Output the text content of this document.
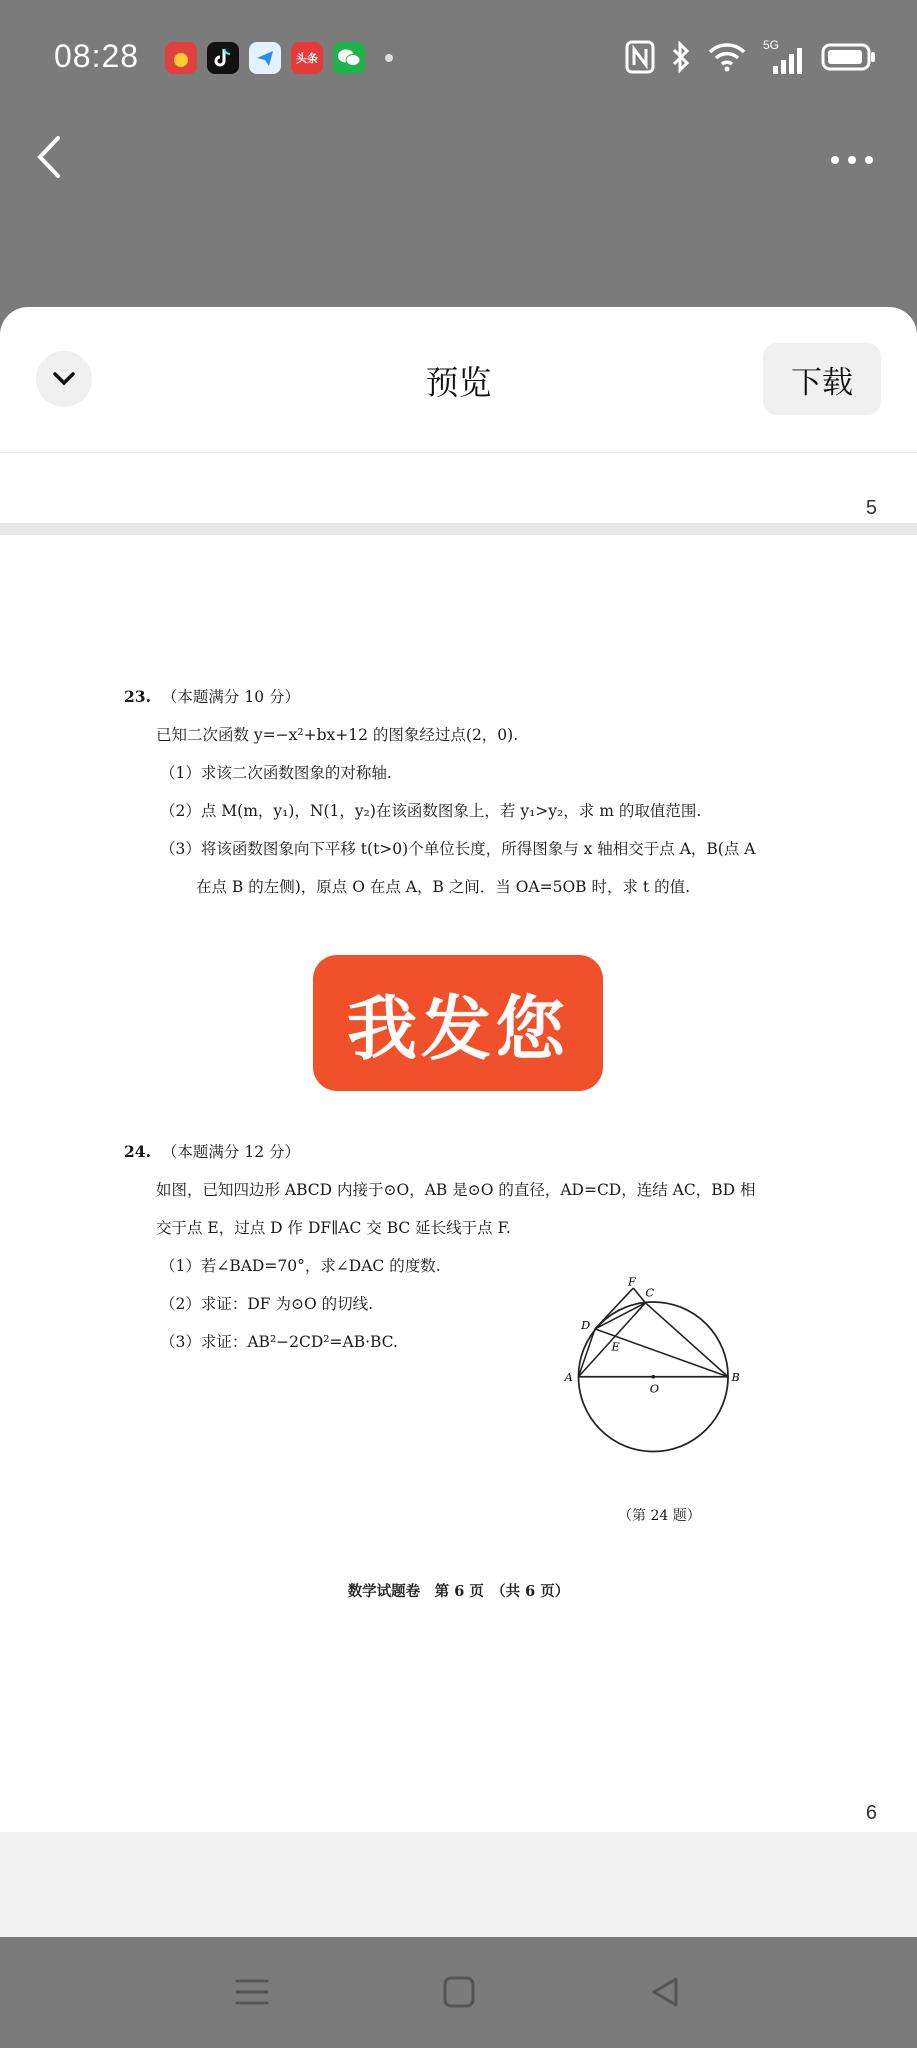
08:28	头条
5G
预览	下载
5
23. （本题满分 10 分）
已知二次函数 y=−x²+bx+12 的图象经过点(2，0).
（1）求该二次函数图象的对称轴.
（2）点 M(m，y₁)，N(1，y₂)在该函数图象上，若 y₁>y₂，求 m 的取值范围.
（3）将该函数图象向下平移 t(t>0)个单位长度，所得图象与 x 轴相交于点 A，B(点 A
在点 B 的左侧)，原点 O 在点 A，B 之间．当 OA=5OB 时，求 t 的值.
我发您
24. （本题满分 12 分）
如图，已知四边形 ABCD 内接于⊙O，AB 是⊙O 的直径，AD=CD，连结 AC，BD 相
交于点 E，过点 D 作 DF∥AC 交 BC 延长线于点 F.
（1）若∠BAD=70°，求∠DAC 的度数.
（2）求证：DF 为⊙O 的切线.
（3）求证：AB²−2CD²=AB·BC.
F
C
D
E
A
O
B
（第 24 题）
数学试题卷　第 6 页　（共 6 页）
6
